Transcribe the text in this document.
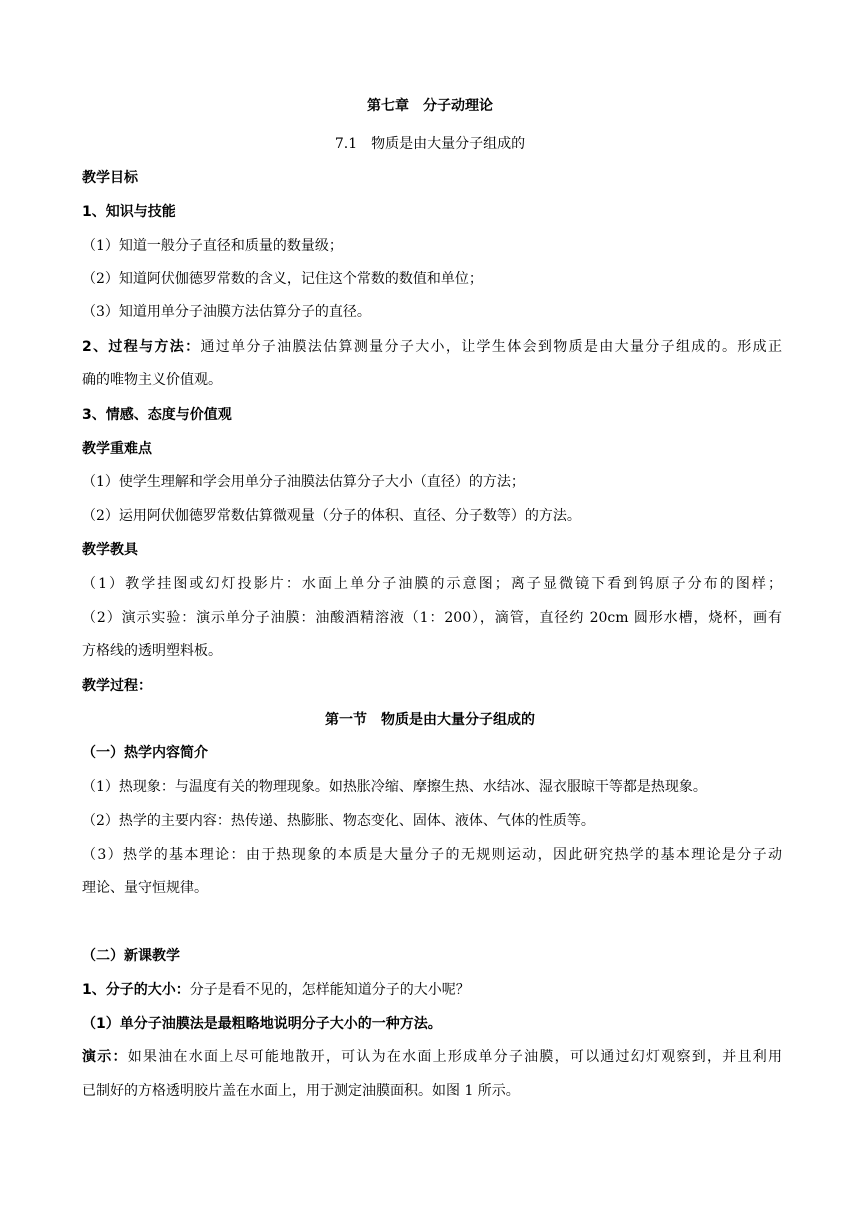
第七章　分子动理论
7.1　物质是由大量分子组成的
教学目标
1、知识与技能
（1）知道一般分子直径和质量的数量级；
（2）知道阿伏伽德罗常数的含义，记住这个常数的数值和单位；
（3）知道用单分子油膜方法估算分子的直径。
2、过程与方法：通过单分子油膜法估算测量分子大小，让学生体会到物质是由大量分子组成的。形成正
确的唯物主义价值观。
3、情感、态度与价值观
教学重难点
（1）使学生理解和学会用单分子油膜法估算分子大小（直径）的方法；
（2）运用阿伏伽德罗常数估算微观量（分子的体积、直径、分子数等）的方法。
教学教具
（1）教学挂图或幻灯投影片：水面上单分子油膜的示意图；离子显微镜下看到钨原子分布的图样；
（2）演示实验：演示单分子油膜：油酸酒精溶液（1：200），滴管，直径约 20cm 圆形水槽，烧杯，画有
方格线的透明塑料板。
教学过程：
第一节　物质是由大量分子组成的
（一）热学内容简介
（1）热现象：与温度有关的物理现象。如热胀冷缩、摩擦生热、水结冰、湿衣服晾干等都是热现象。
（2）热学的主要内容：热传递、热膨胀、物态变化、固体、液体、气体的性质等。
（3）热学的基本理论：由于热现象的本质是大量分子的无规则运动，因此研究热学的基本理论是分子动
理论、量守恒规律。
（二）新课教学
1、分子的大小：分子是看不见的，怎样能知道分子的大小呢？
（1）单分子油膜法是最粗略地说明分子大小的一种方法。
演示：如果油在水面上尽可能地散开，可认为在水面上形成单分子油膜，可以通过幻灯观察到，并且利用
已制好的方格透明胶片盖在水面上，用于测定油膜面积。如图 1 所示。
